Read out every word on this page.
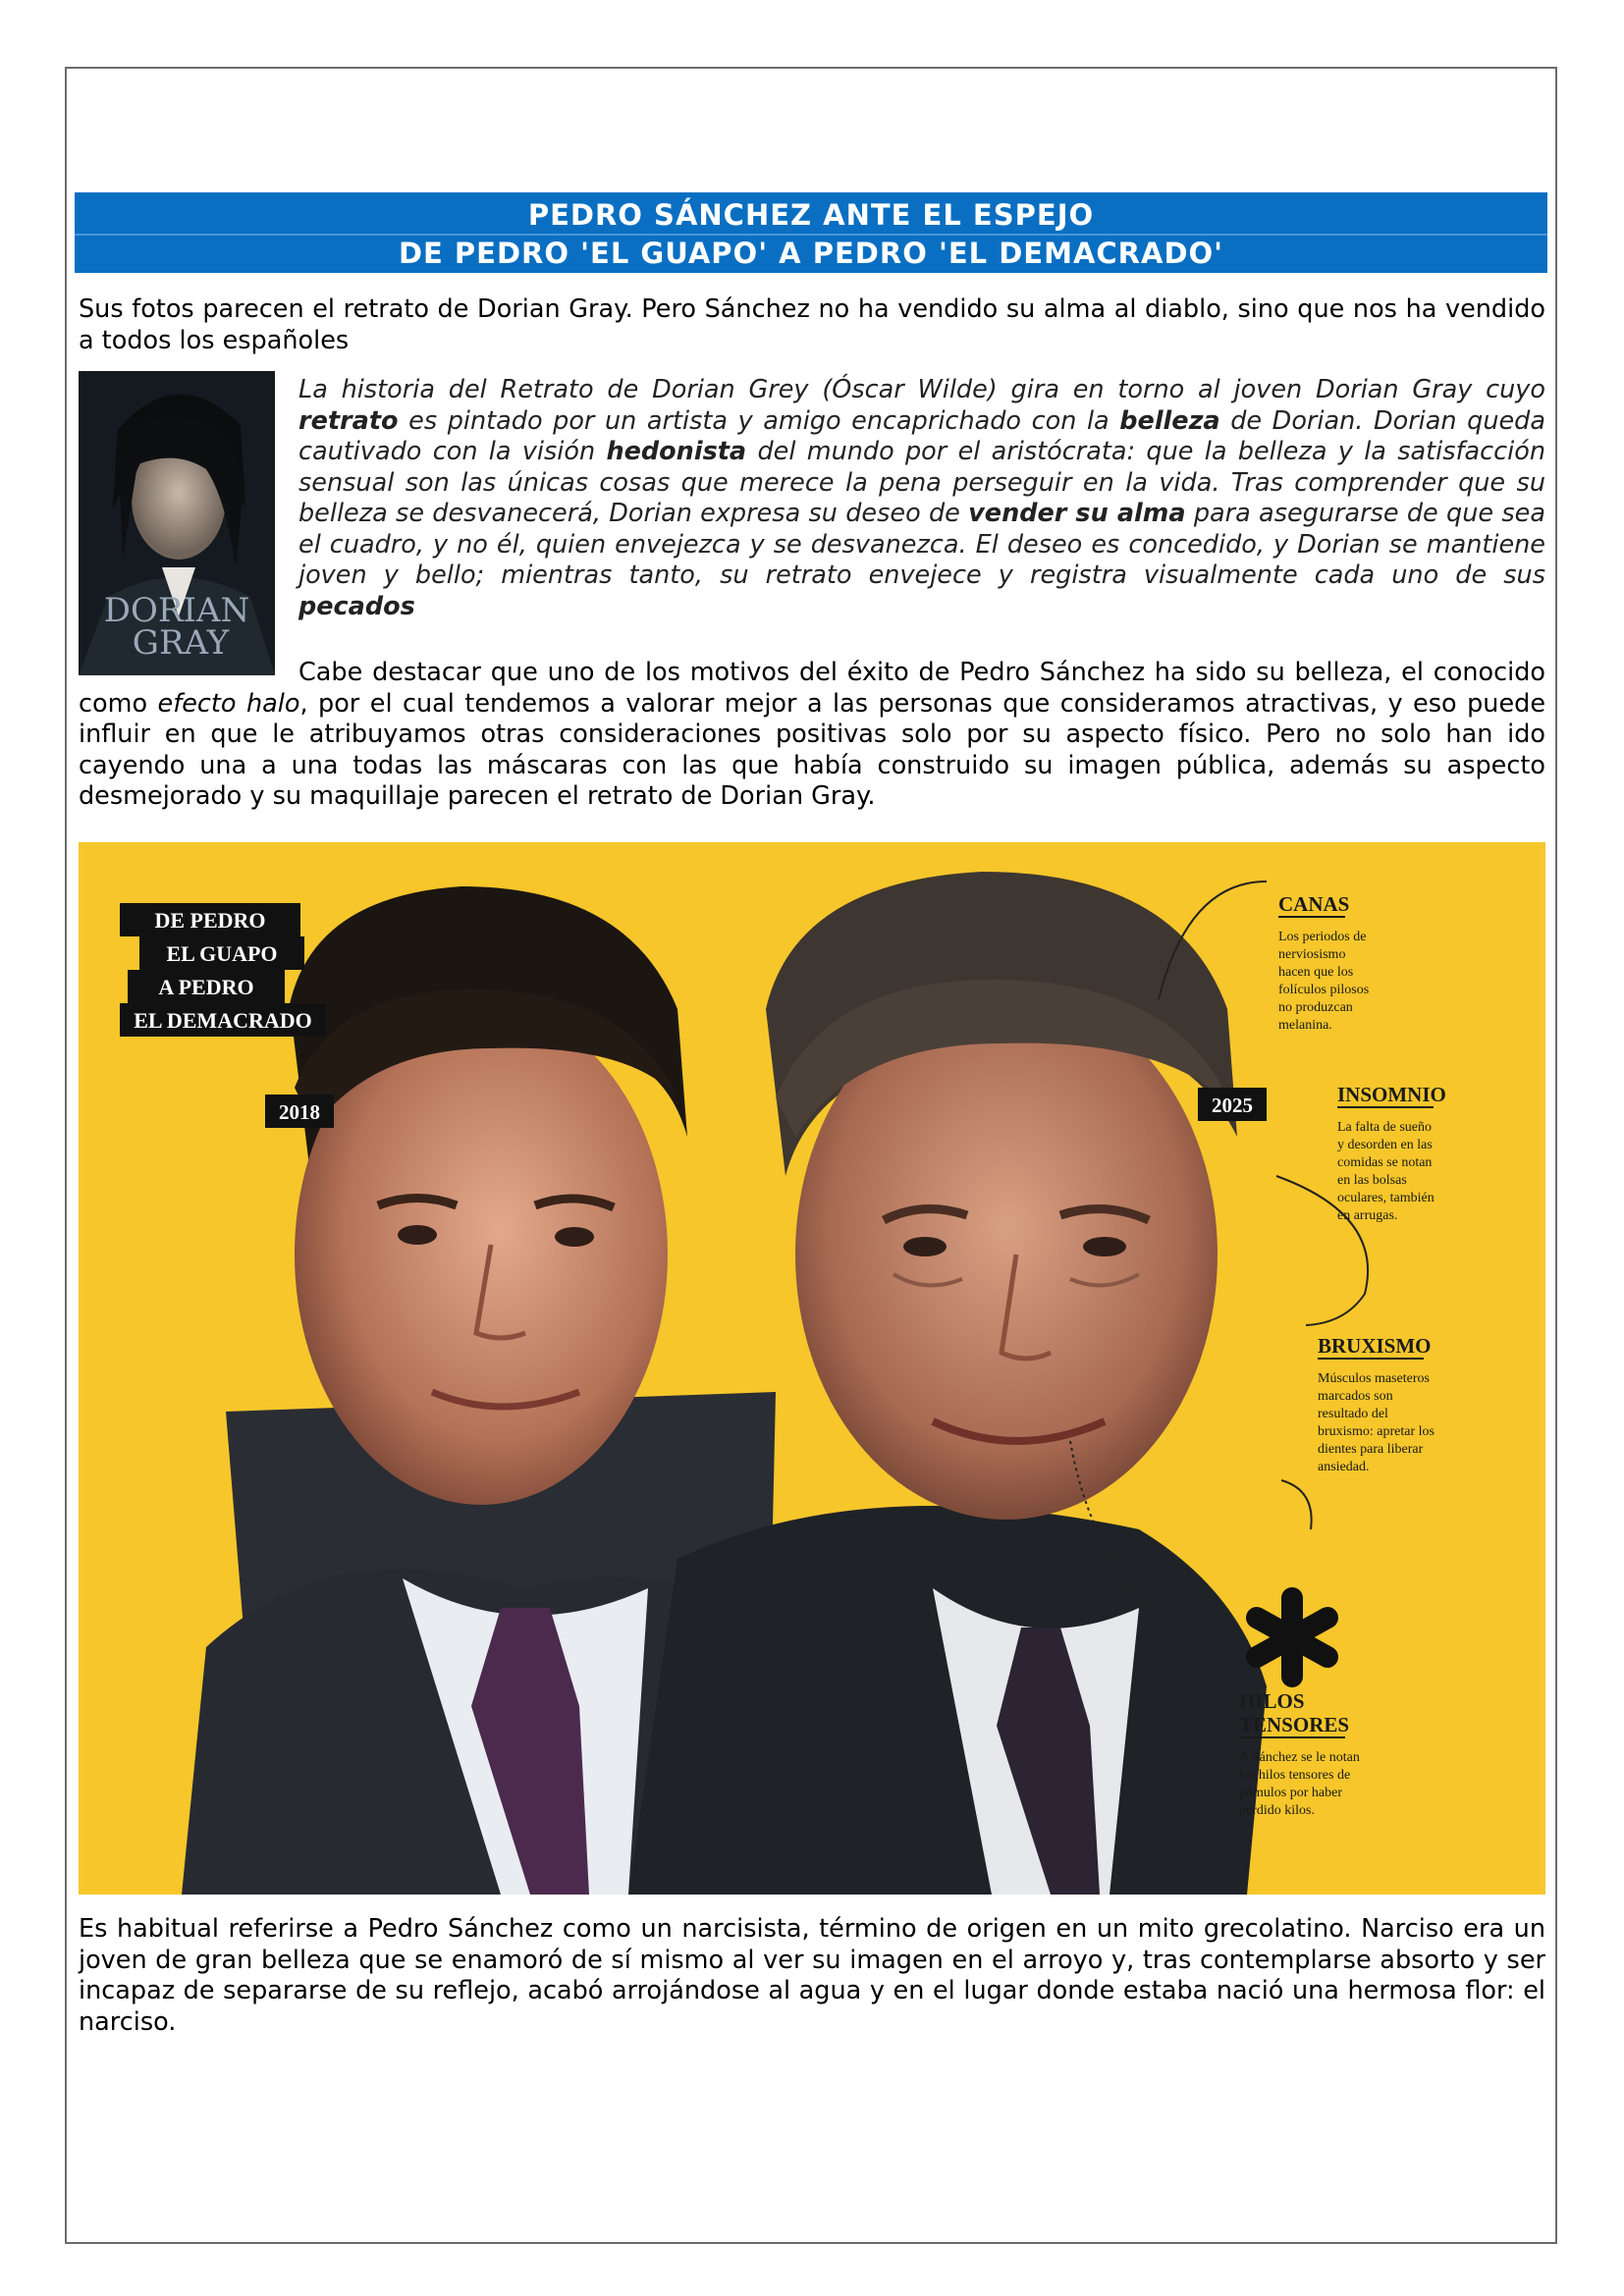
PEDRO SÁNCHEZ ANTE EL ESPEJO
DE PEDRO 'EL GUAPO' A PEDRO 'EL DEMACRADO'

Sus fotos parecen el retrato de Dorian Gray. Pero Sánchez no ha vendido su alma al diablo, sino que nos ha vendido a todos los españoles

DORIAN
GRAY

La historia del Retrato de Dorian Grey (Óscar Wilde) gira en torno al joven Dorian Gray cuyo retrato es pintado por un artista y amigo encaprichado con la belleza de Dorian. Dorian queda cautivado con la visión hedonista del mundo por el aristócrata: que la belleza y la satisfacción sensual son las únicas cosas que merece la pena perseguir en la vida. Tras comprender que su belleza se desvanecerá, Dorian expresa su deseo de vender su alma para asegurarse de que sea el cuadro, y no él, quien envejezca y se desvanezca. El deseo es concedido, y Dorian se mantiene joven y bello; mientras tanto, su retrato envejece y registra visualmente cada uno de sus pecados

Cabe destacar que uno de los motivos del éxito de Pedro Sánchez ha sido su belleza, el conocido como efecto halo, por el cual tendemos a valorar mejor a las personas que consideramos atractivas, y eso puede influir en que le atribuyamos otras consideraciones positivas solo por su aspecto físico. Pero no solo han ido cayendo una a una todas las máscaras con las que había construido su imagen pública, además su aspecto desmejorado y su maquillaje parecen el retrato de Dorian Gray.

DE PEDRO
EL GUAPO
A PEDRO
EL DEMACRADO
2018	2025
CANAS
Los periodos de
nerviosismo
hacen que los
folículos pilosos
no produzcan
melanina.
INSOMNIO
La falta de sueño
y desorden en las
comidas se notan
en las bolsas
oculares, también
en arrugas.
BRUXISMO
Músculos maseteros
marcados son
resultado del
bruxismo: apretar los
dientes para liberar
ansiedad.
HILOS
TENSORES
A Sánchez se le notan
los hilos tensores de
pómulos por haber
perdido kilos.

Es habitual referirse a Pedro Sánchez como un narcisista, término de origen en un mito grecolatino. Narciso era un joven de gran belleza que se enamoró de sí mismo al ver su imagen en el arroyo y, tras contemplarse absorto y ser incapaz de separarse de su reflejo, acabó arrojándose al agua y en el lugar donde estaba nació una hermosa flor: el narciso.
